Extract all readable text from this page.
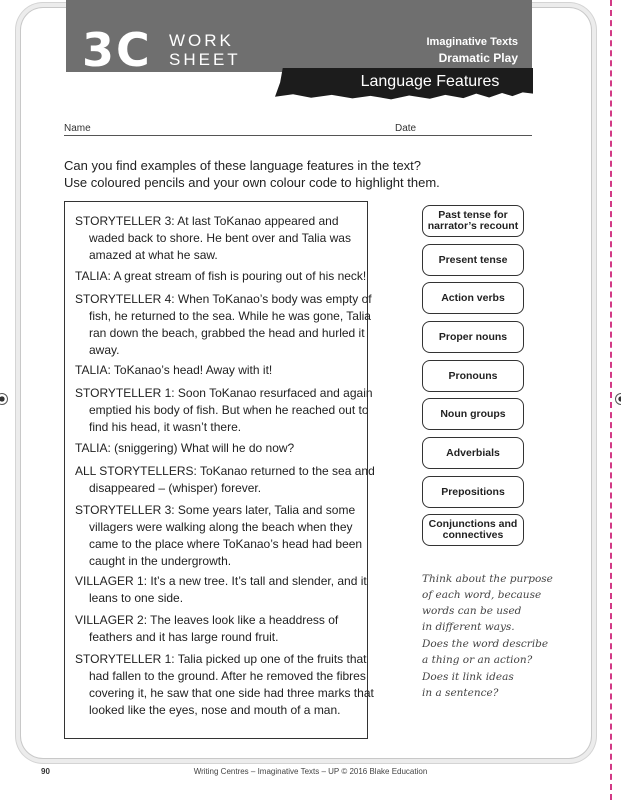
3C WORK
SHEET
Imaginative Texts
Dramatic Play
Language Features
Name	Date
Can you find examples of these language features in the text?
Use coloured pencils and your own colour code to highlight them.
STORYTELLER 3: At last ToKanao appeared and waded back to shore. He bent over and Talia was amazed at what he saw.
TALIA: A great stream of fish is pouring out of his neck!
STORYTELLER 4: When ToKanao’s body was empty of fish, he returned to the sea. While he was gone, Talia ran down the beach, grabbed the head and hurled it away.
TALIA: ToKanao’s head! Away with it!
STORYTELLER 1: Soon ToKanao resurfaced and again emptied his body of fish. But when he reached out to find his head, it wasn’t there.
TALIA: (sniggering) What will he do now?
ALL STORYTELLERS: ToKanao returned to the sea and disappeared – (whisper) forever.
STORYTELLER 3: Some years later, Talia and some villagers were walking along the beach when they came to the place where ToKanao’s head had been caught in the undergrowth.
VILLAGER 1: It’s a new tree. It’s tall and slender, and it leans to one side.
VILLAGER 2: The leaves look like a headdress of feathers and it has large round fruit.
STORYTELLER 1: Talia picked up one of the fruits that had fallen to the ground. After he removed the fibres covering it, he saw that one side had three marks that looked like the eyes, nose and mouth of a man.
Past tense for narrator’s recount
Present tense
Action verbs
Proper nouns
Pronouns
Noun groups
Adverbials
Prepositions
Conjunctions and connectives
Think about the purpose
of each word, because
words can be used
in different ways.
Does the word describe
a thing or an action?
Does it link ideas
in a sentence?
90	Writing Centres – Imaginative Texts – UP © 2016 Blake Education
